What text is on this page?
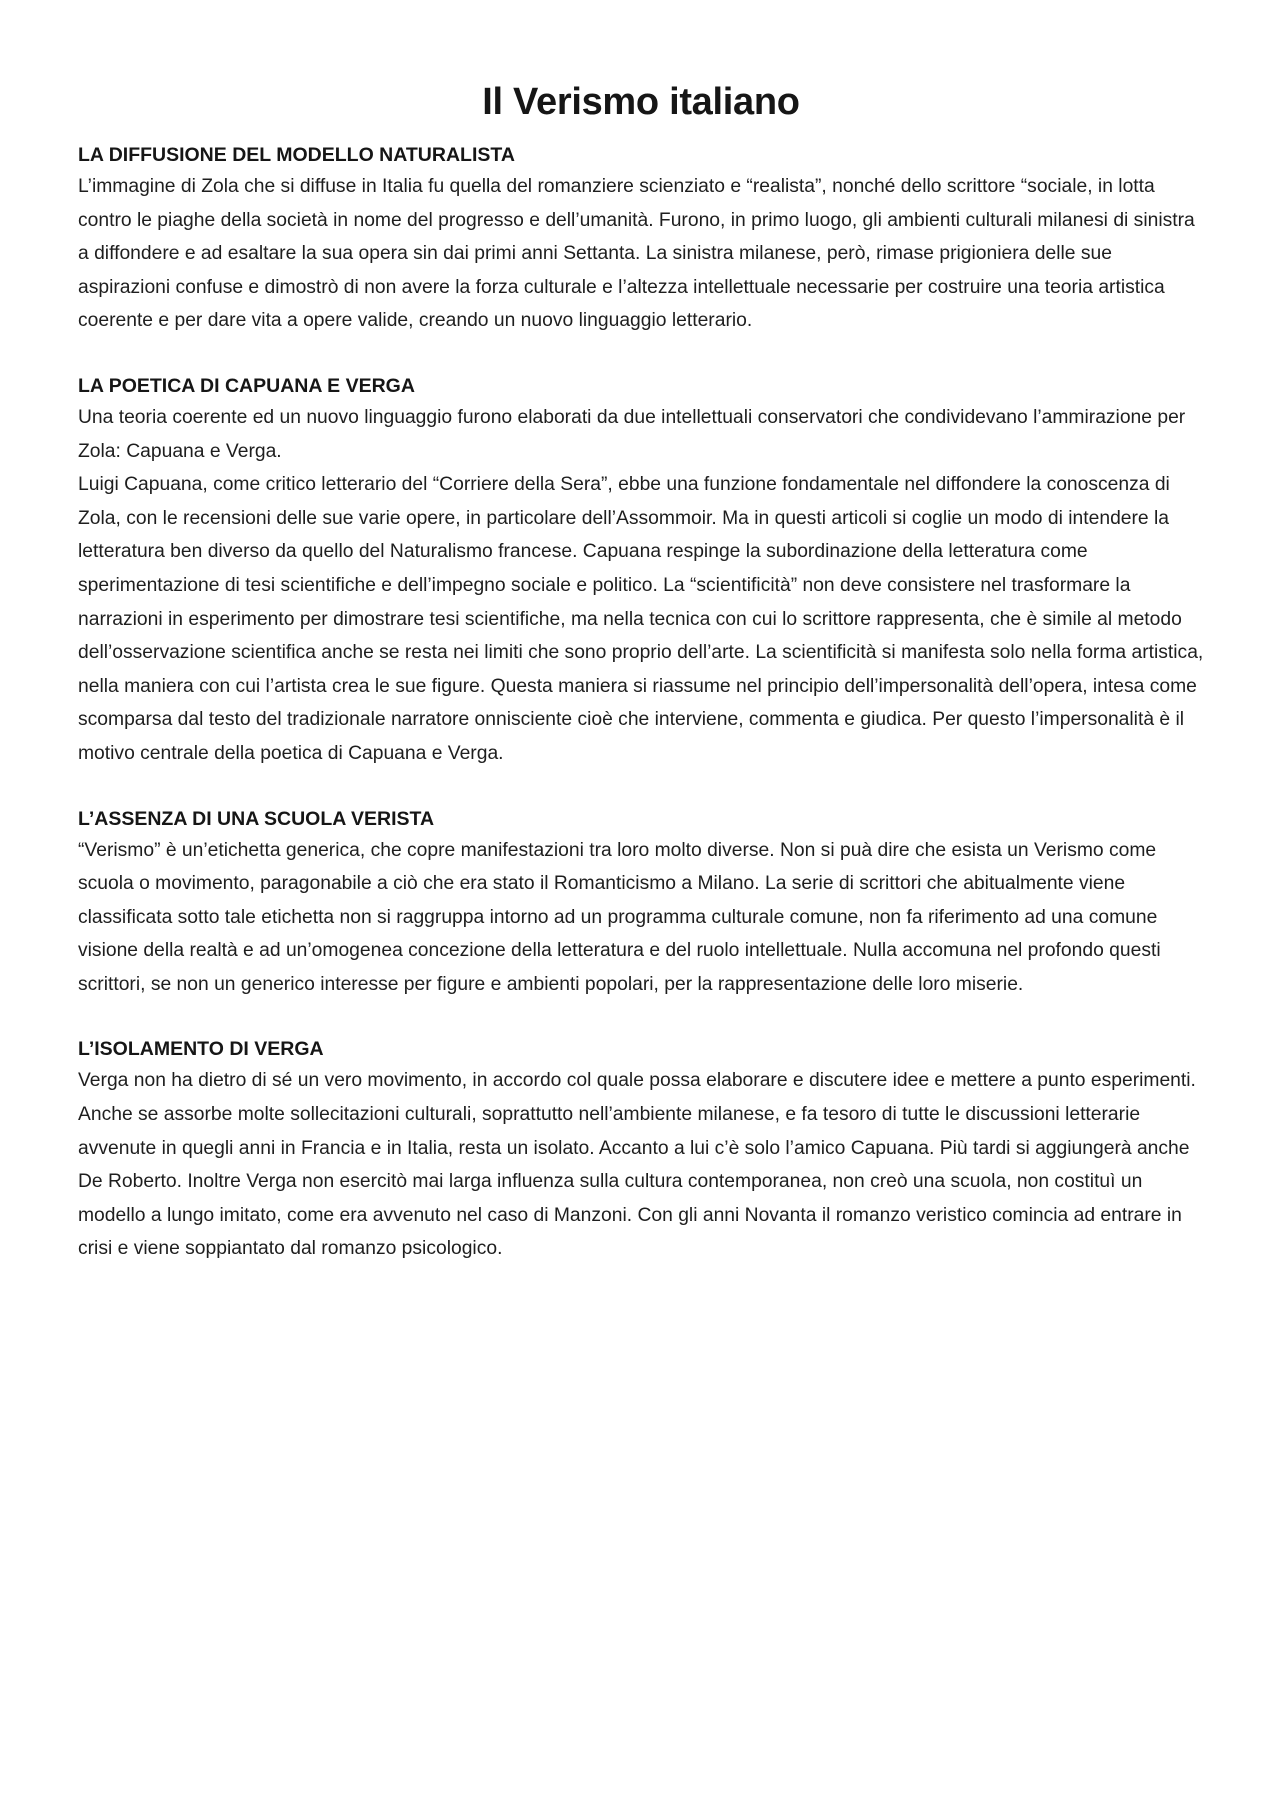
Il Verismo italiano
LA DIFFUSIONE DEL MODELLO NATURALISTA

L’immagine di Zola che si diffuse in Italia fu quella del romanziere scienziato e “realista”, nonché dello scrittore “sociale, in lotta contro le piaghe della società in nome del progresso e dell’umanità. Furono, in primo luogo, gli ambienti culturali milanesi di sinistra a diffondere e ad esaltare la sua opera sin dai primi anni Settanta. La sinistra milanese, però, rimase prigioniera delle sue aspirazioni confuse e dimostrò di non avere la forza culturale e l’altezza intellettuale necessarie per costruire una teoria artistica coerente e per dare vita a opere valide, creando un nuovo linguaggio letterario.

LA POETICA DI CAPUANA E VERGA

Una teoria coerente ed un nuovo linguaggio furono elaborati da due intellettuali conservatori che condividevano l’ammirazione per Zola: Capuana e Verga.

Luigi Capuana, come critico letterario del “Corriere della Sera”, ebbe una funzione fondamentale nel diffondere la conoscenza di Zola, con le recensioni delle sue varie opere, in particolare dell’Assommoir. Ma in questi articoli si coglie un modo di intendere la letteratura ben diverso da quello del Naturalismo francese. Capuana respinge la subordinazione della letteratura come sperimentazione di tesi scientifiche e dell’impegno sociale e politico. La “scientificità” non deve consistere nel trasformare la narrazioni in esperimento per dimostrare tesi scientifiche, ma nella tecnica con cui lo scrittore rappresenta, che è simile al metodo dell’osservazione scientifica anche se resta nei limiti che sono proprio dell’arte. La scientificità si manifesta solo nella forma artistica, nella maniera con cui l’artista crea le sue figure. Questa maniera si riassume nel principio dell’impersonalità dell’opera, intesa come scomparsa dal testo del tradizionale narratore onnisciente cioè che interviene, commenta e giudica. Per questo l’impersonalità è il motivo centrale della poetica di Capuana e Verga.

L’ASSENZA DI UNA SCUOLA VERISTA

“Verismo” è un’etichetta generica, che copre manifestazioni tra loro molto diverse. Non si puà dire che esista un Verismo come scuola o movimento, paragonabile a ciò che era stato il Romanticismo a Milano. La serie di scrittori che abitualmente viene classificata sotto tale etichetta non si raggruppa intorno ad un programma culturale comune, non fa riferimento ad una comune visione della realtà e ad un’omogenea concezione della letteratura e del ruolo intellettuale. Nulla accomuna nel profondo questi scrittori, se non un generico interesse per figure e ambienti popolari, per la rappresentazione delle loro miserie.

L’ISOLAMENTO DI VERGA

Verga non ha dietro di sé un vero movimento, in accordo col quale possa elaborare e discutere idee e mettere a punto esperimenti. Anche se assorbe molte sollecitazioni culturali, soprattutto nell’ambiente milanese, e fa tesoro di tutte le discussioni letterarie avvenute in quegli anni in Francia e in Italia, resta un isolato. Accanto a lui c’è solo l’amico Capuana. Più tardi si aggiungerà anche De Roberto. Inoltre Verga non esercitò mai larga influenza sulla cultura contemporanea, non creò una scuola, non costituì un modello a lungo imitato, come era avvenuto nel caso di Manzoni. Con gli anni Novanta il romanzo veristico comincia ad entrare in crisi e viene soppiantato dal romanzo psicologico.
